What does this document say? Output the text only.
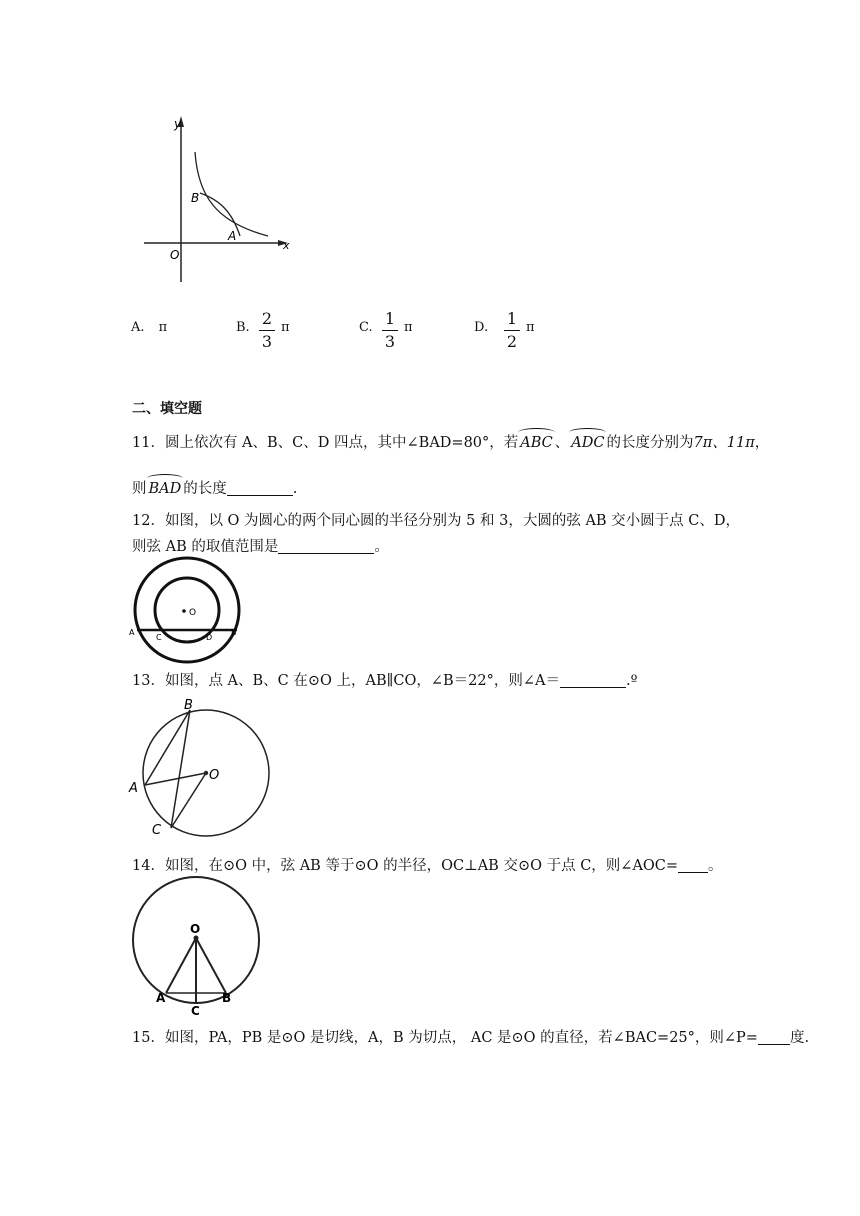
y
x
O
B
A
A. π	B. 2
3
π	C. 1
3
π	D. 1
2
π
二、填空题
11．圆上依次有 A、B、C、D 四点，其中∠BAD=80°，若 ABC 、 ADC 的长度分别为7π、11π，
则 BAD 的长度	.
12．如图，以 O 为圆心的两个同心圆的半径分别为 5 和 3，大圆的弦 AB 交小圆于点 C、D，
则弦 AB 的取值范围是	。
O
A
C	D
B
13．如图，点 A、B、C 在⊙O 上，AB∥CO，∠B＝22°，则∠A＝	.º
B
A
O
C
14．如图，在⊙O 中，弦 AB 等于⊙O 的半径，OC⊥AB 交⊙O 于点 C，则∠AOC= 。
O
A
C
B
15．如图，PA，PB 是⊙O 是切线，A，B 为切点， AC 是⊙O 的直径，若∠BAC=25°，则∠P= 度.
